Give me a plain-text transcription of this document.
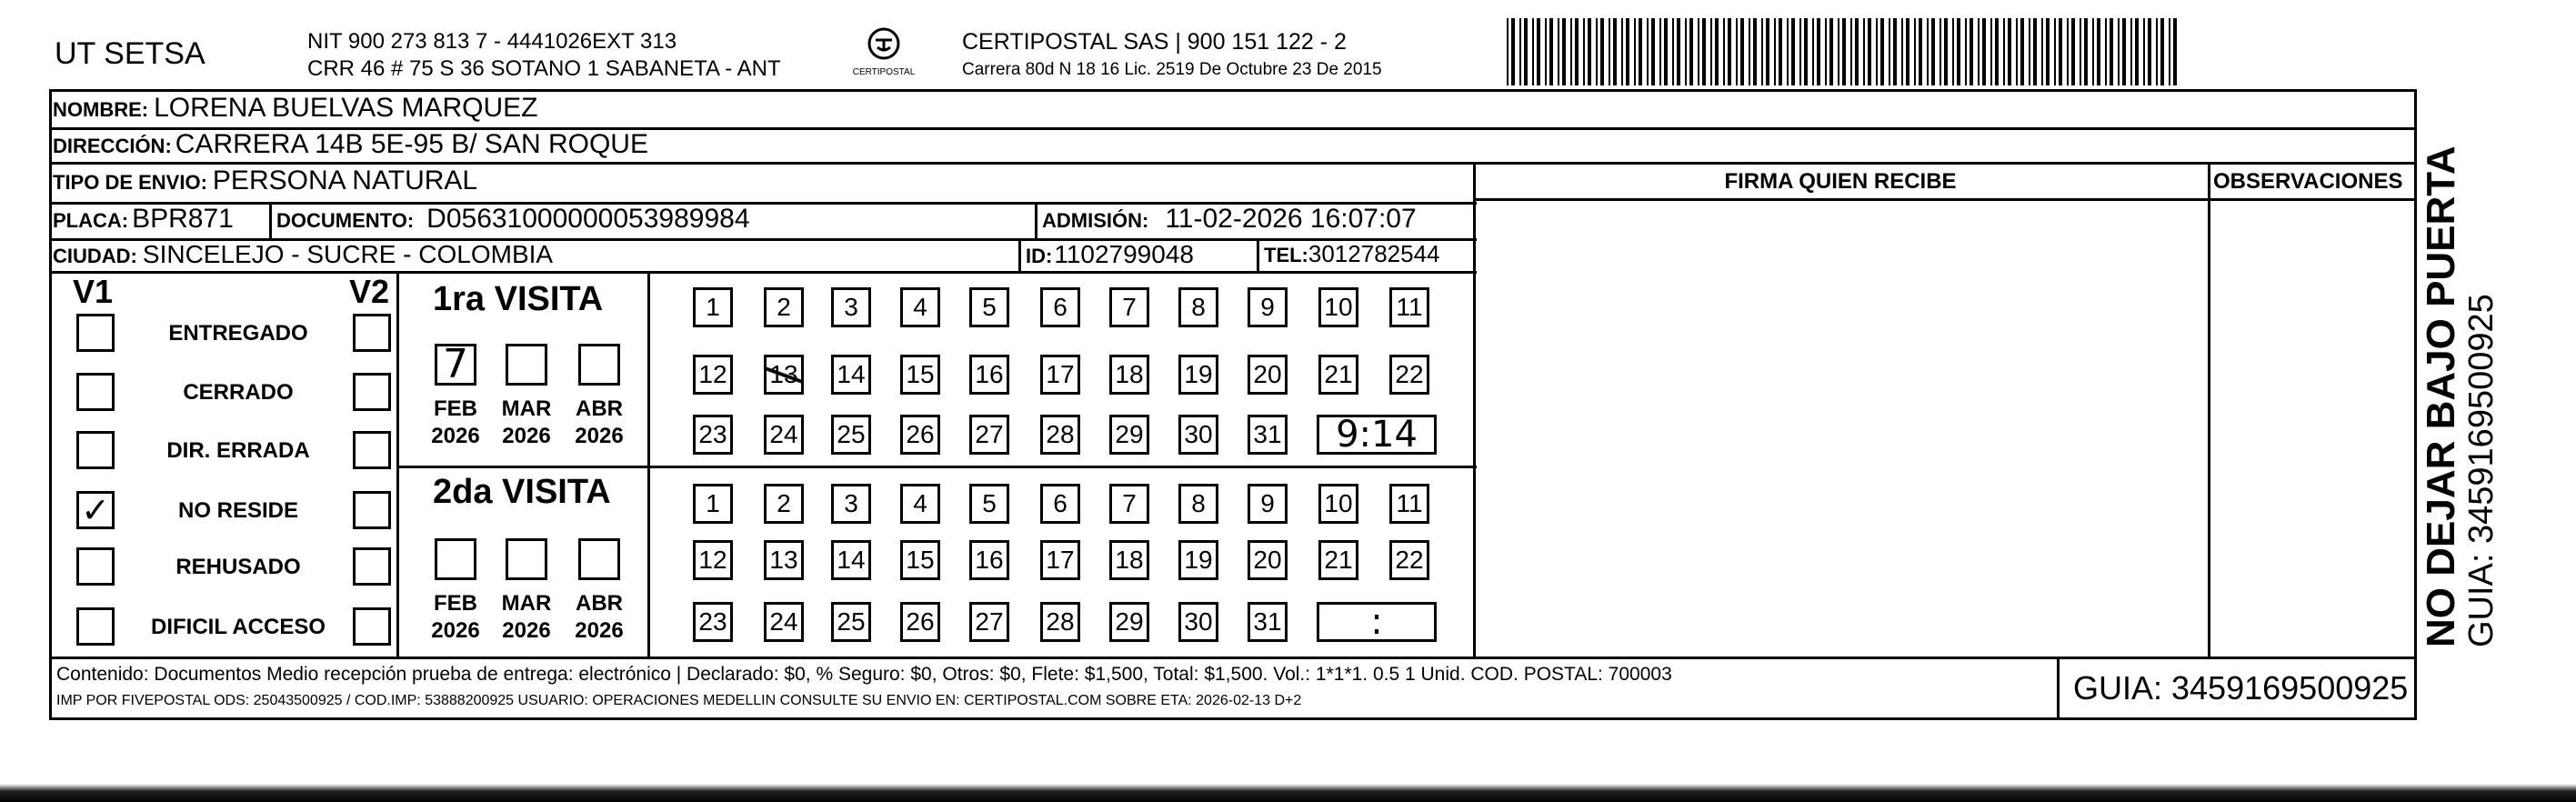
UT SETSA	NIT 900 273 813 7 - 4441026EXT 313
CRR 46 # 75 S 36 SOTANO 1 SABANETA - ANT	CERTIPOSTAL
CERTIPOSTAL SAS | 900 151 122 - 2
Carrera 80d N 18 16 Lic. 2519 De Octubre 23 De 2015
NOMBRE: LORENA BUELVAS MARQUEZ
DIRECCIÓN: CARRERA 14B 5E-95 B/ SAN ROQUE
TIPO DE ENVIO: PERSONA NATURAL
PLACA: BPR871 DOCUMENTO: D05631000000053989984	ADMISIÓN: 11-02-2026 16:07:07
CIUDAD: SINCELEJO - SUCRE - COLOMBIA	ID: 1102799048	TEL: 3012782544
FIRMA QUIEN RECIBE	OBSERVACIONES
V1	V2
ENTREGADO
CERRADO
DIR. ERRADA
✓	NO RESIDE
REHUSADO
DIFICIL ACCESO
1ra VISITA
7
FEB
2026
MAR
2026
ABR
2026
1	2	3	4	5	6	7	8	9	10 11
12 13 14 15 16 17 18 19 20 21 22
23 24 25 26 27 28 29 30 31	9:14
2da VISITA
FEB
2026
MAR
2026
ABR
2026
1	2	3	4	5	6	7	8	9	10 11
12 13 14 15 16 17 18 19 20 21 22
23 24 25 26 27 28 29 30 31	:
Contenido: Documentos Medio recepción prueba de entrega: electrónico | Declarado: $0, % Seguro: $0, Otros: $0, Flete: $1,500, Total: $1,500. Vol.: 1*1*1. 0.5 1 Unid. COD. POSTAL: 700003
IMP POR FIVEPOSTAL ODS: 25043500925 / COD.IMP: 53888200925 USUARIO: OPERACIONES MEDELLIN CONSULTE SU ENVIO EN: CERTIPOSTAL.COM SOBRE ETA: 2026-02-13 D+2	GUIA: 3459169500925
NO DEJAR BAJO PUERTA GUIA: 3459169500925
